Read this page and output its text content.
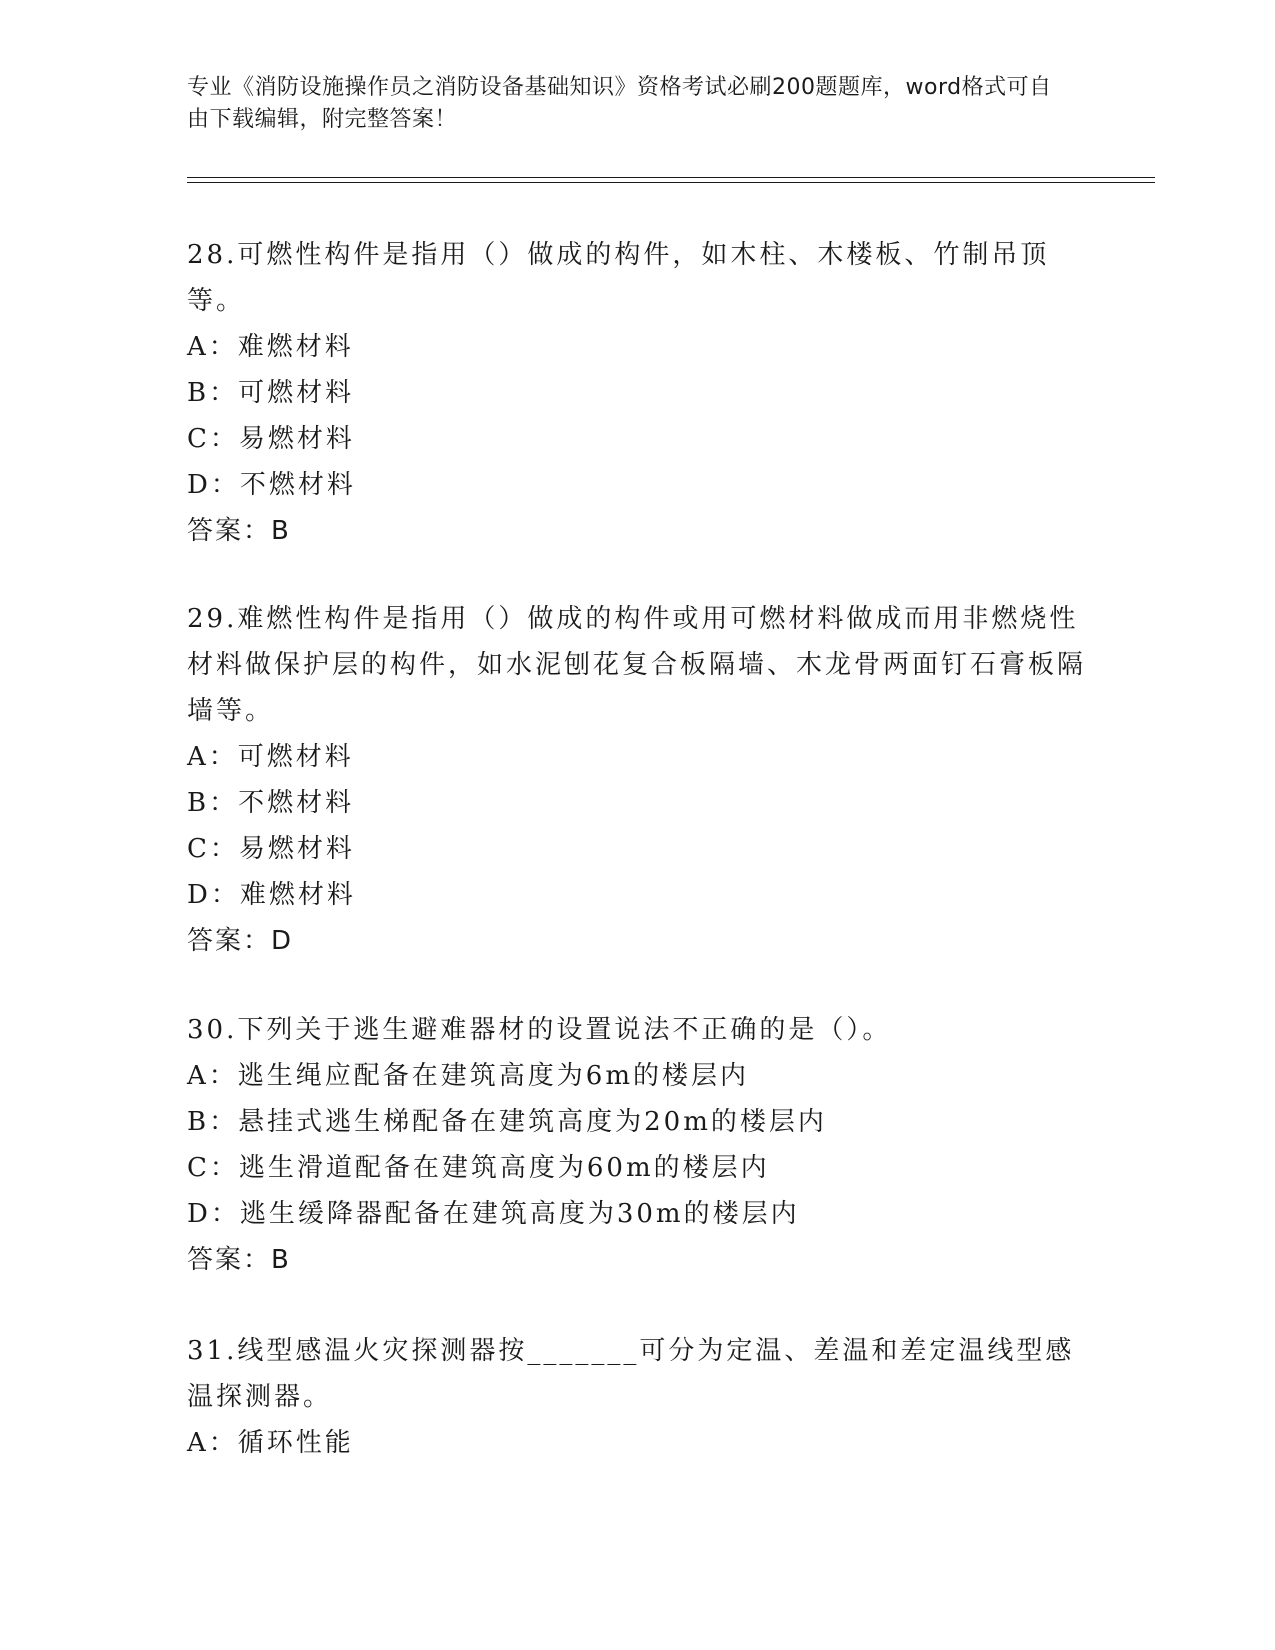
专业《消防设施操作员之消防设备基础知识》资格考试必刷200题题库，word格式可自由下载编辑，附完整答案！

28.可燃性构件是指用（）做成的构件，如木柱、木楼板、竹制吊顶等。

A：难燃材料

B：可燃材料

C：易燃材料

D：不燃材料

答案：B

29.难燃性构件是指用（）做成的构件或用可燃材料做成而用非燃烧性材料做保护层的构件，如水泥刨花复合板隔墙、木龙骨两面钉石膏板隔墙等。

A：可燃材料

B：不燃材料

C：易燃材料

D：难燃材料

答案：D

30.下列关于逃生避难器材的设置说法不正确的是（）。

A：逃生绳应配备在建筑高度为6m的楼层内

B：悬挂式逃生梯配备在建筑高度为20m的楼层内

C：逃生滑道配备在建筑高度为60m的楼层内

D：逃生缓降器配备在建筑高度为30m的楼层内

答案：B

31.线型感温火灾探测器按_______可分为定温、差温和差定温线型感温探测器。

A：循环性能
